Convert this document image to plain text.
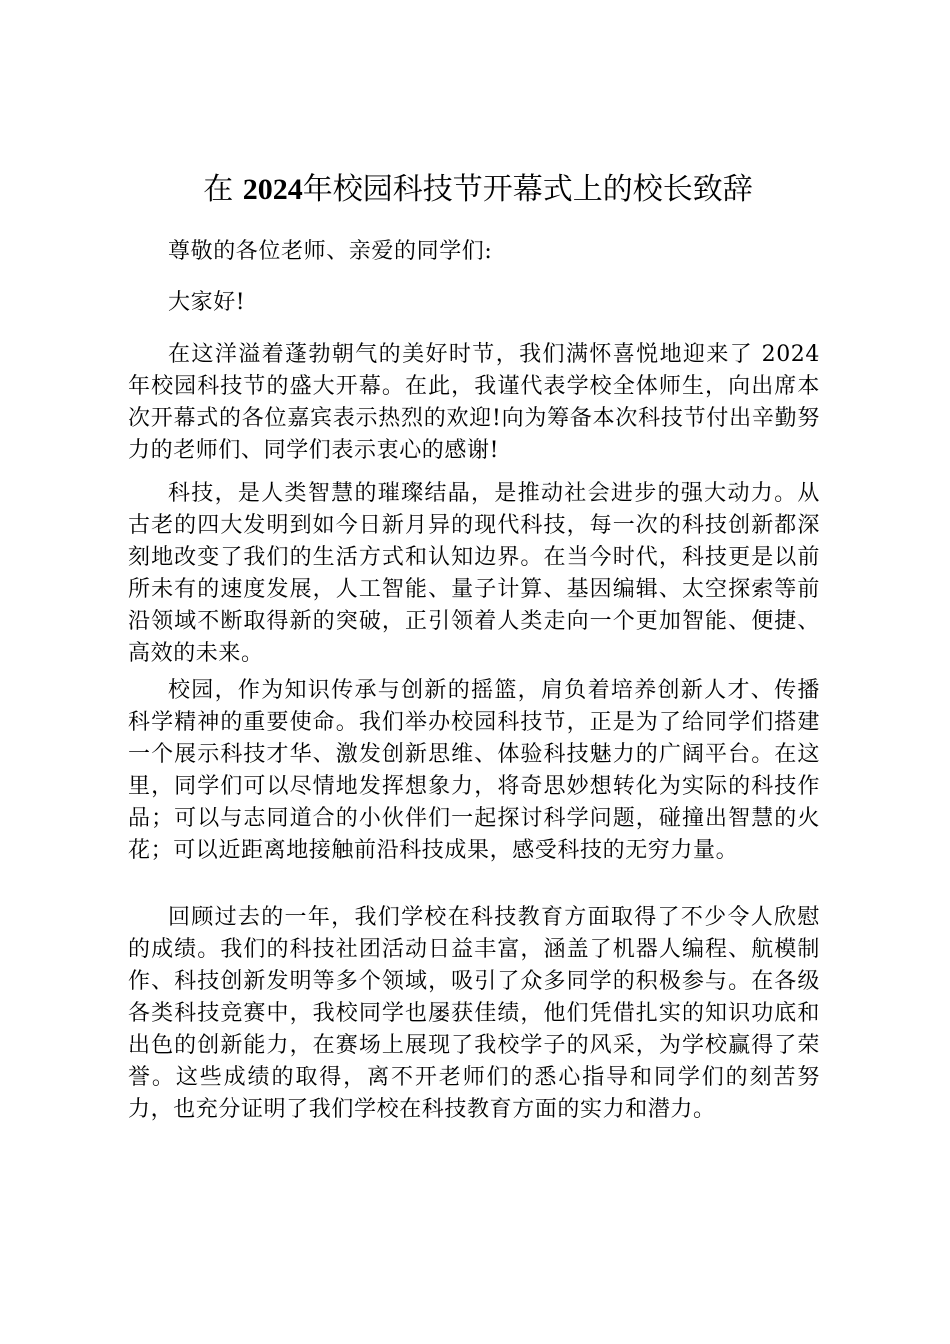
在 2024年校园科技节开幕式上的校长致辞

尊敬的各位老师、亲爱的同学们:

大家好!

在这洋溢着蓬勃朝气的美好时节，我们满怀喜悦地迎来了 2024 年校园科技节的盛大开幕。在此，我谨代表学校全体师生，向出席本次开幕式的各位嘉宾表示热烈的欢迎!向为筹备本次科技节付出辛勤努力的老师们、同学们表示衷心的感谢!

科技，是人类智慧的璀璨结晶，是推动社会进步的强大动力。从古老的四大发明到如今日新月异的现代科技，每一次的科技创新都深刻地改变了我们的生活方式和认知边界。在当今时代，科技更是以前所未有的速度发展，人工智能、量子计算、基因编辑、太空探索等前沿领域不断取得新的突破，正引领着人类走向一个更加智能、便捷、高效的未来。

校园，作为知识传承与创新的摇篮，肩负着培养创新人才、传播科学精神的重要使命。我们举办校园科技节，正是为了给同学们搭建一个展示科技才华、激发创新思维、体验科技魅力的广阔平台。在这里，同学们可以尽情地发挥想象力，将奇思妙想转化为实际的科技作品；可以与志同道合的小伙伴们一起探讨科学问题，碰撞出智慧的火花；可以近距离地接触前沿科技成果，感受科技的无穷力量。

回顾过去的一年，我们学校在科技教育方面取得了不少令人欣慰的成绩。我们的科技社团活动日益丰富，涵盖了机器人编程、航模制作、科技创新发明等多个领域，吸引了众多同学的积极参与。在各级各类科技竞赛中，我校同学也屡获佳绩，他们凭借扎实的知识功底和出色的创新能力，在赛场上展现了我校学子的风采，为学校赢得了荣誉。这些成绩的取得，离不开老师们的悉心指导和同学们的刻苦努力，也充分证明了我们学校在科技教育方面的实力和潜力。
